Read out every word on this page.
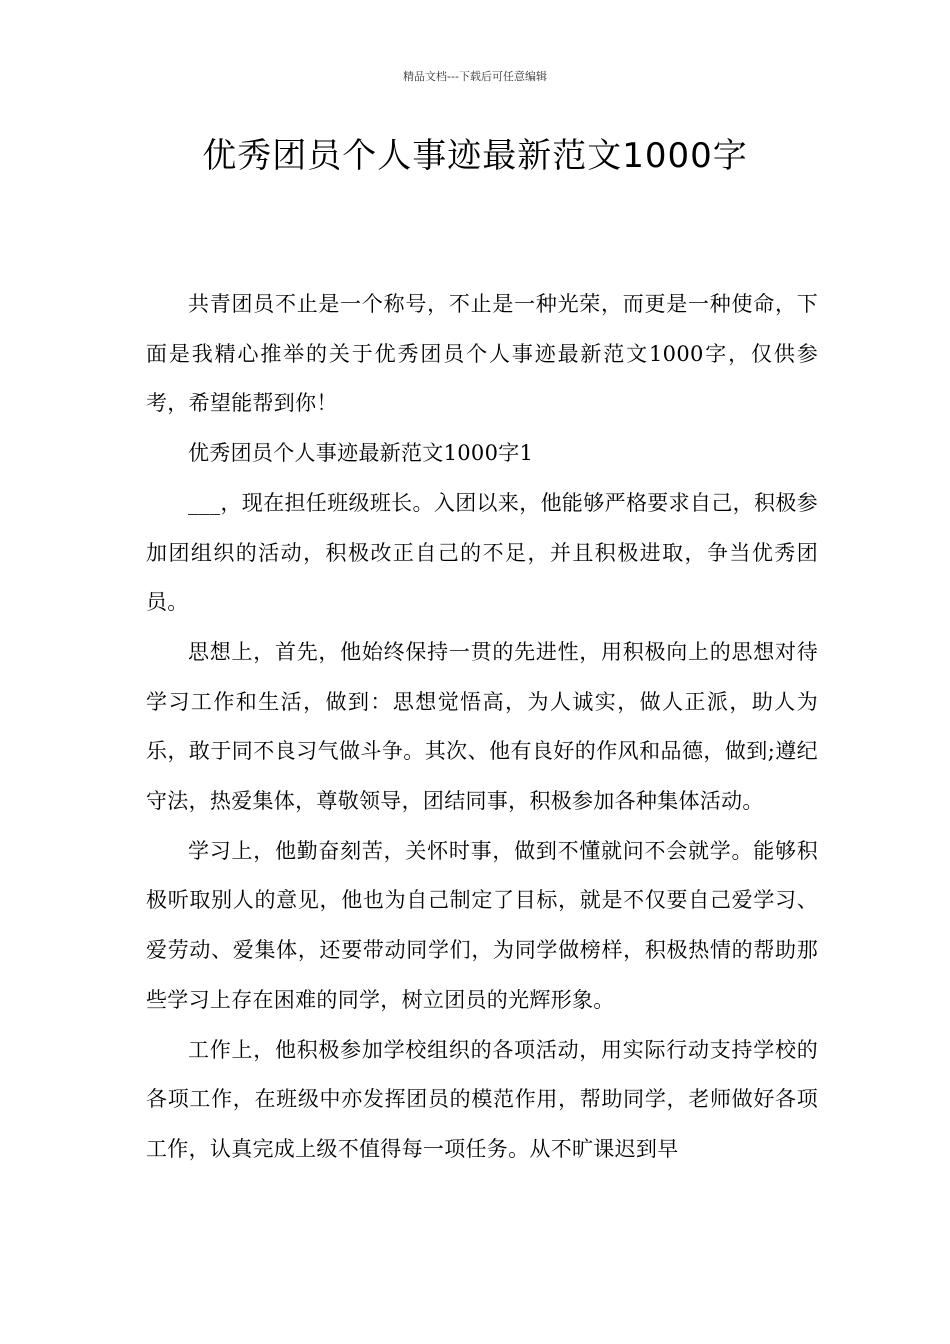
精品文档---下载后可任意编辑
优秀团员个人事迹最新范文1000字

共青团员不止是一个称号，不止是一种光荣，而更是一种使命，下面是我精心推举的关于优秀团员个人事迹最新范文1000字，仅供参考，希望能帮到你！

优秀团员个人事迹最新范文1000字1

___，现在担任班级班长。入团以来，他能够严格要求自己，积极参加团组织的活动，积极改正自己的不足，并且积极进取，争当优秀团员。

思想上，首先，他始终保持一贯的先进性，用积极向上的思想对待学习工作和生活，做到：思想觉悟高，为人诚实，做人正派，助人为乐，敢于同不良习气做斗争。其次、他有良好的作风和品德，做到;遵纪守法，热爱集体，尊敬领导，团结同事，积极参加各种集体活动。

学习上，他勤奋刻苦，关怀时事，做到不懂就问不会就学。能够积极听取别人的意见，他也为自己制定了目标，就是不仅要自己爱学习、爱劳动、爱集体，还要带动同学们，为同学做榜样，积极热情的帮助那些学习上存在困难的同学，树立团员的光辉形象。

工作上，他积极参加学校组织的各项活动，用实际行动支持学校的各项工作，在班级中亦发挥团员的模范作用，帮助同学，老师做好各项工作，认真完成上级不值得每一项任务。从不旷课迟到早
